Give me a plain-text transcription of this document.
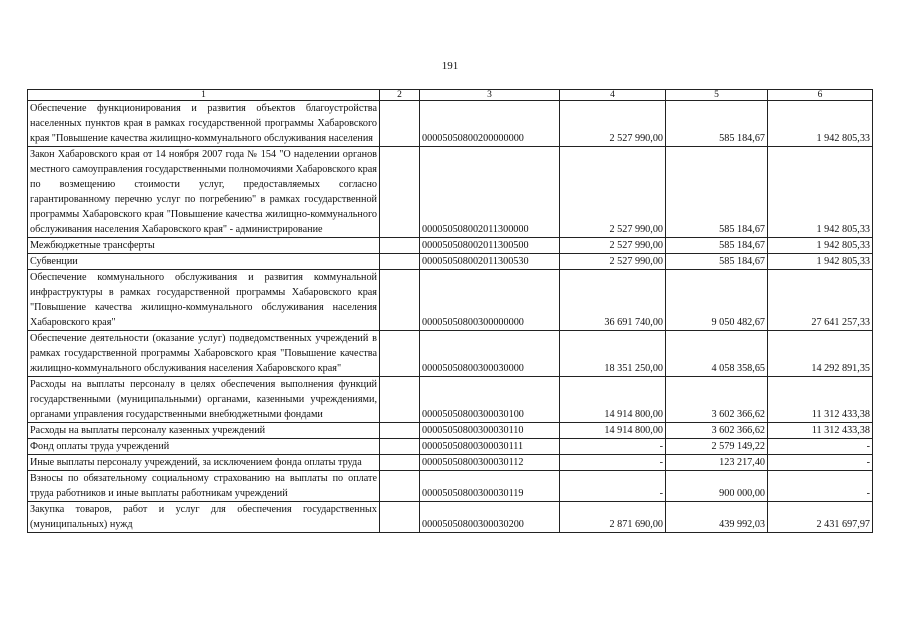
191
1	2	3	4	5	6
Обеспечение функционирования и развития объектов благоустройства населенных пунктов края в рамках государственной программы Хабаровского края "Повышение качества жилищно-коммунального обслуживания населения		00005050800200000000	2 527 990,00	585 184,67	1 942 805,33
Закон Хабаровского края от 14 ноября 2007 года № 154 "О наделении органов местного самоуправления государственными полномочиями Хабаровского края по возмещению стоимости услуг, предоставляемых согласно гарантированному перечню услуг по погребению" в рамках государственной программы Хабаровского края "Повышение качества жилищно-коммунального обслуживания населения Хабаровского края" - администрирование		000050508002011300000	2 527 990,00	585 184,67	1 942 805,33
Межбюджетные трансферты		000050508002011300500	2 527 990,00	585 184,67	1 942 805,33
Субвенции		000050508002011300530	2 527 990,00	585 184,67	1 942 805,33
Обеспечение коммунального обслуживания и развития коммунальной инфраструктуры в рамках государственной программы Хабаровского края "Повышение качества жилищно-коммунального обслуживания населения Хабаровского края"		00005050800300000000	36 691 740,00	9 050 482,67	27 641 257,33
Обеспечение деятельности (оказание услуг) подведомственных учреждений в рамках государственной программы Хабаровского края "Повышение качества жилищно-коммунального обслуживания населения Хабаровского края"		00005050800300030000	18 351 250,00	4 058 358,65	14 292 891,35
Расходы на выплаты персоналу в целях обеспечения выполнения функций государственными (муниципальными) органами, казенными учреждениями, органами управления государственными внебюджетными фондами		00005050800300030100	14 914 800,00	3 602 366,62	11 312 433,38
Расходы на выплаты персоналу казенных учреждений		00005050800300030110	14 914 800,00	3 602 366,62	11 312 433,38
Фонд оплаты труда учреждений		00005050800300030111	-	2 579 149,22	-
Иные выплаты персоналу учреждений, за исключением фонда оплаты труда		00005050800300030112	-	123 217,40	-
Взносы по обязательному социальному страхованию на выплаты по оплате труда работников и иные выплаты работникам учреждений		00005050800300030119	-	900 000,00	-
Закупка товаров, работ и услуг для обеспечения государственных (муниципальных) нужд		00005050800300030200	2 871 690,00	439 992,03	2 431 697,97
